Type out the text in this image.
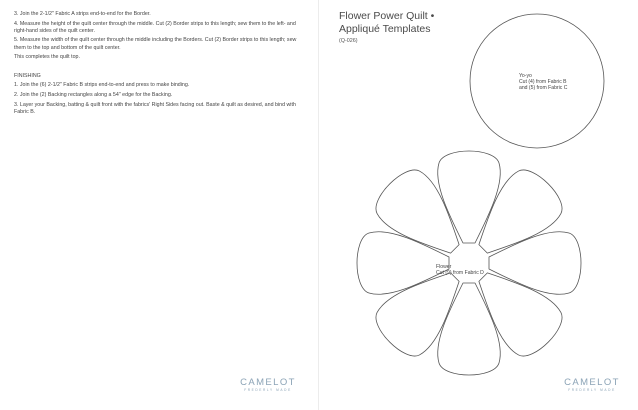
3. Join the 2-1/2" Fabric A strips end-to-end for the Border.

4. Measure the height of the quilt center through the middle. Cut (2) Border strips to this length; sew them to the left- and right-hand sides of the quilt center.

5. Measure the width of the quilt center through the middle including the Borders. Cut (2) Border strips to this length; sew them to the top and bottom of the quilt center.

This completes the quilt top.

FINISHING

1. Join the (6) 2-1/2" Fabric B strips end-to-end and press to make binding.

2. Join the (2) Backing rectangles along a 54" edge for the Backing.

3. Layer your Backing, batting & quilt front with the fabrics' Right Sides facing out. Baste & quilt as desired, and bind with Fabric B.

CAMELOT
FREDERLY MADE
Flower Power Quilt •
Appliqué Templates
(Q-026)
Yo-yo
Cut (4) from Fabric B
and (5) from Fabric C
Flower
Cut (9) from Fabric D
CAMELOT
FREDERLY MADE
